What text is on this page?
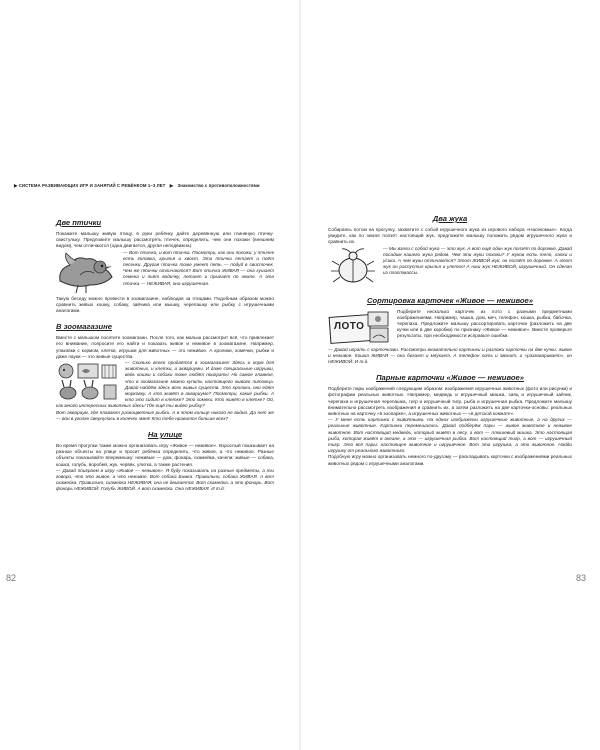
▶ СИСТЕМА РАЗВИВАЮЩИХ ИГР И ЗАНЯТИЙ С РЕБЁНКОМ 1–3 ЛЕТ ▶ Знакомство с противоположностями
Две птички

Покажите малышу живую птицу, в руки ребёнку дайте деревянную или глиняную птичку-свистульку. Предложите малышу рассмотреть птичек, определить, чем они похожи (внешним видом), чем отличаются (одна двигается, другая неподвижна).

— Вот птичка, и вот птичка. Посмотри, как они похожи: у птичек есть головка, крылья и хвост. Эта птичка летает и поёт песенки. Другая птичка тоже умеет петь — подуй в свисточек. Чем же птички отличаются? Вот птичка ЖИВАЯ — она кушает семена и пьёт водичку, летает и прыгает по земле. А эта птичка — НЕЖИВАЯ, она игрушечная.

Такую беседу можно провести в зоомагазине, наблюдая за птицами. Подобным образом можно сравнить живых кошку, собаку, зайчика или мышку, черепашку или рыбку с игрушечными аналогами.

В зоомагазине

Вместе с малышом посетите зоомагазин. После того, как малыш рассмотрит всё, что привлекает его внимание, попросите его найти и показать живое и неживое в зоомагазине. Например, упаковки с кормом, клетки, игрушки для животных — это неживое. А кролики, хомячки, рыбки и даже пауки — это живые существа.

— Сколько всего продаётся в зоомагазине! Здесь и корм для животных, и клетки, и аквариумы. И даже специальные игрушки, ведь кошки и собаки тоже любят поиграть! Но самое главное, что в зоомагазине можно купить настоящего живого питомца. Давай найдём здесь всех живых существ. Это кролики, они едят морковку. А кто живёт в аквариуме? Посмотри, какие рыбки. А кто это сидит в клетке? Это хомяки. Кто живёт в клетке? Ой, как много интересных животных здесь! Где ещё ты видел рыбку?

Вот аквариум, где плавают разноцветные рыбки. А в этом кольце никого не видно. Да нет же — вон в уголке свернулась в колечко змея! Кто тебе нравится больше всех?

На улице

Во время прогулки также можно организовать игру «Живое — неживое». Взрослый показывает на разные объекты на улице и просит ребёнка определить, что живое, а что неживое. Разные объекты показывайте вперемешку: неживые — дом, фонарь, скамейка, качели; живые — собака, кошка, голубь, воробей, жук, червяк, улитка, а также растения.

— Давай поиграем в игру «Живое — неживое». Я буду показывать на разные предметы, а ты говори, что это живое, а что неживое. Вот собака Бимка. Правильно, собака ЖИВАЯ. А вот скамейка. Правильно, скамейка НЕЖИВАЯ, она не двигается. Вот скамейка, а это фонарь. Вот фонарь НЕЖИВОЙ. Голубь ЖИВОЙ. А вот скамейка. Она НЕЖИВАЯ. И т.д.

82
Два жука

Собираясь потом на прогулку, захватите с собой игрушечного жука из игрового набора «Насекомые». Когда увидите, как по земле ползёт настоящий жук, предложите малышу положить рядом игрушечного жука и сравнить их.

— Мы взяли с собой жука — это жук. А вот ещё один жук ползёт по дорожке. Давай посадим нашего жука рядом. Чем эти жуки похожи? У жуков есть тело, лапки и усики. А чем жуки отличаются? Этот ЖИВОЙ жук, он ползёт по дорожке. А этот жук он распустил крылья и улетел! А наш жук НЕЖИВОЙ, игрушечный. Он сделан из пластмассы.

Сортировка карточек «Живое — неживое»
ЛОТО

Подберите несколько карточек из лото с разными предметными изображениями. Например, чашка, дом, мяч, телефон, кошка, рыбка, бабочка, черепаха. Предложите малышу рассортировать карточки (разложить на две кучки или в две коробки) по признаку «Живое — неживое». Вместе проверьте результаты, при необходимости исправьте ошибки.

— Давай играть с карточками. Рассмотри внимательно картинки и разложи карточки на две кучки: живое и неживое. Кошка ЖИВАЯ — она бегает и мяукает. А телефон хоть и звонит, и «разговаривает», он НЕЖИВОЙ. И т.д.

Парные карточки «Живое — неживое»

Подберите пары изображений следующим образом: изображения игрушечных животных (фото или рисунки) и фотографии реальных животных. Например, медведь и игрушечный мишка, заяц и игрушечный зайчик, черепаха и игрушечная черепашка, тигр и игрушечный тигр, рыба и игрушечная рыбка. Предложите малышу внимательно рассмотреть изображения и сравнить их, а затем разложить на две карточки-основы: реальных животных на карточку «в зоопарке», а игрушечных животных — «в детской комнате».

— У меня есть картинки с животными. На одних изображены игрушечные животные, а на других — реальные животные. Картинки перемешались. Давай подберём пары — живое животное и неживое животное. Вот настоящий медведь, который живёт в лесу, а вот — плюшевый мишка. Это настоящая рыба, которая живёт в океане, а это — игрушечная рыбка. Вот настоящий тигр, а вот — игрушечный тигр. Это всё пары: настоящее животное и игрушечное. Вот эта игрушка, а это животное. Найди игрушку от реального животного.

Подобную игру можно организовать немного по-другому — раскладывать карточки с изображениями реальных животных рядом с игрушечными аналогами.

83
